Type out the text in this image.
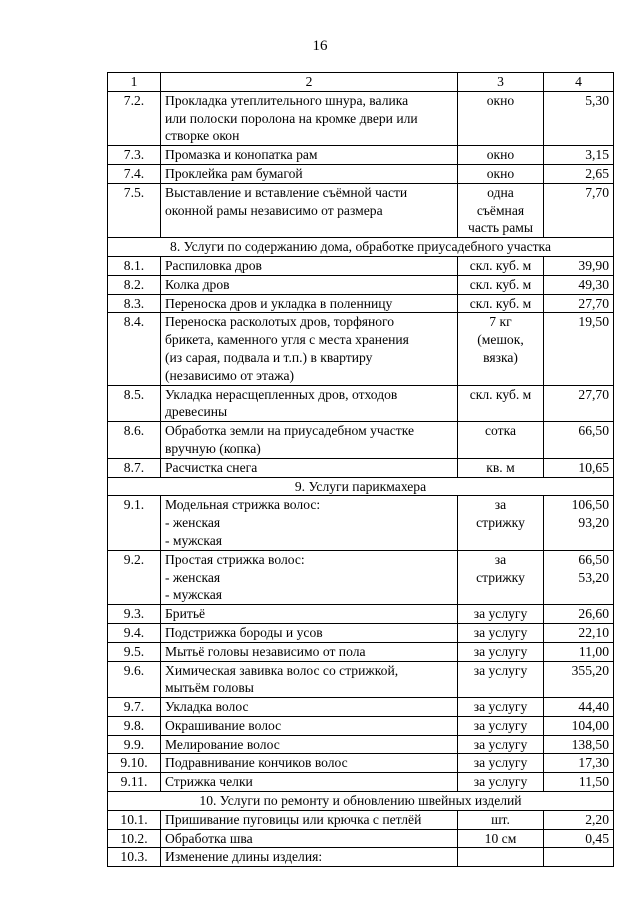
16
1	2	3	4
7.2.	Прокладка утеплительного шнура, валика
или полоски поролона на кромке двери или
створке окон	окно	5,30
7.3.	Промазка и конопатка рам	окно	3,15
7.4.	Проклейка рам бумагой	окно	2,65
7.5.	Выставление и вставление съёмной части
оконной рамы независимо от размера	одна
съёмная
часть рамы	7,70
8. Услуги по содержанию дома, обработке приусадебного участка			
8.1.	Распиловка дров	скл. куб. м	39,90
8.2.	Колка дров	скл. куб. м	49,30
8.3.	Переноска дров и укладка в поленницу	скл. куб. м	27,70
8.4.	Переноска расколотых дров, торфяного
брикета, каменного угля с места хранения
(из сарая, подвала и т.п.) в квартиру
(независимо от этажа)	7 кг
(мешок,
вязка)	19,50
8.5.	Укладка нерасщепленных дров, отходов
древесины	скл. куб. м	27,70
8.6.	Обработка земли на приусадебном участке
вручную (копка)	сотка	66,50
8.7.	Расчистка снега	кв. м	10,65
9. Услуги парикмахера			
9.1.	Модельная стрижка волос:
- женская
- мужская	за
стрижку	106,50
93,20

9.2.	Простая стрижка волос:
- женская
- мужская	за
стрижку	66,50
53,20

9.3.	Бритьё	за услугу	26,60
9.4.	Подстрижка бороды и усов	за услугу	22,10
9.5.	Мытьё головы независимо от пола	за услугу	11,00
9.6.	Химическая завивка волос со стрижкой,
мытьём головы	за услугу	355,20
9.7.	Укладка волос	за услугу	44,40
9.8.	Окрашивание волос	за услугу	104,00
9.9.	Мелирование волос	за услугу	138,50
9.10.	Подравнивание кончиков волос	за услугу	17,30
9.11.	Стрижка челки	за услугу	11,50
10. Услуги по ремонту и обновлению швейных изделий			
10.1.	Пришивание пуговицы или крючка с петлёй	шт.	2,20
10.2.	Обработка шва	10 см	0,45
10.3.	Изменение длины изделия:		
